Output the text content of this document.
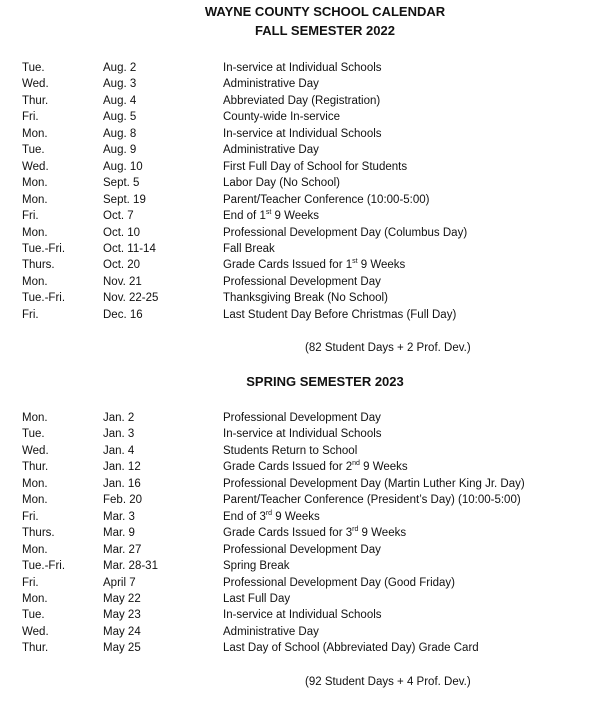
WAYNE COUNTY SCHOOL CALENDAR
FALL SEMESTER 2022
Tue.	Aug. 2	In-service at Individual Schools
Wed.	Aug. 3	Administrative Day
Thur.	Aug. 4	Abbreviated Day (Registration)
Fri.	Aug. 5	County-wide In-service
Mon.	Aug. 8	In-service at Individual Schools
Tue.	Aug. 9	Administrative Day
Wed.	Aug. 10	First Full Day of School for Students
Mon.	Sept. 5	Labor Day (No School)
Mon.	Sept. 19	Parent/Teacher Conference (10:00-5:00)
Fri.	Oct. 7	End of 1st 9 Weeks
Mon.	Oct. 10	Professional Development Day (Columbus Day)
Tue.-Fri.	Oct. 11-14	Fall Break
Thurs.	Oct. 20	Grade Cards Issued for 1st 9 Weeks
Mon.	Nov. 21	Professional Development Day
Tue.-Fri.	Nov. 22-25	Thanksgiving Break (No School)
Fri.	Dec. 16	Last Student Day Before Christmas (Full Day)
(82 Student Days + 2 Prof. Dev.)
SPRING SEMESTER 2023
Mon.	Jan. 2	Professional Development Day
Tue.	Jan. 3	In-service at Individual Schools
Wed.	Jan. 4	Students Return to School
Thur.	Jan. 12	Grade Cards Issued for 2nd 9 Weeks
Mon.	Jan. 16	Professional Development Day (Martin Luther King Jr. Day)
Mon.	Feb. 20	Parent/Teacher Conference (President’s Day) (10:00-5:00)
Fri.	Mar. 3	End of 3rd 9 Weeks
Thurs.	Mar. 9	Grade Cards Issued for 3rd 9 Weeks
Mon.	Mar. 27	Professional Development Day
Tue.-Fri.	Mar. 28-31	Spring Break
Fri.	April 7	Professional Development Day (Good Friday)
Mon.	May 22	Last Full Day
Tue.	May 23	In-service at Individual Schools
Wed.	May 24	Administrative Day
Thur.	May 25	Last Day of School (Abbreviated Day) Grade Card
(92 Student Days + 4 Prof. Dev.)
